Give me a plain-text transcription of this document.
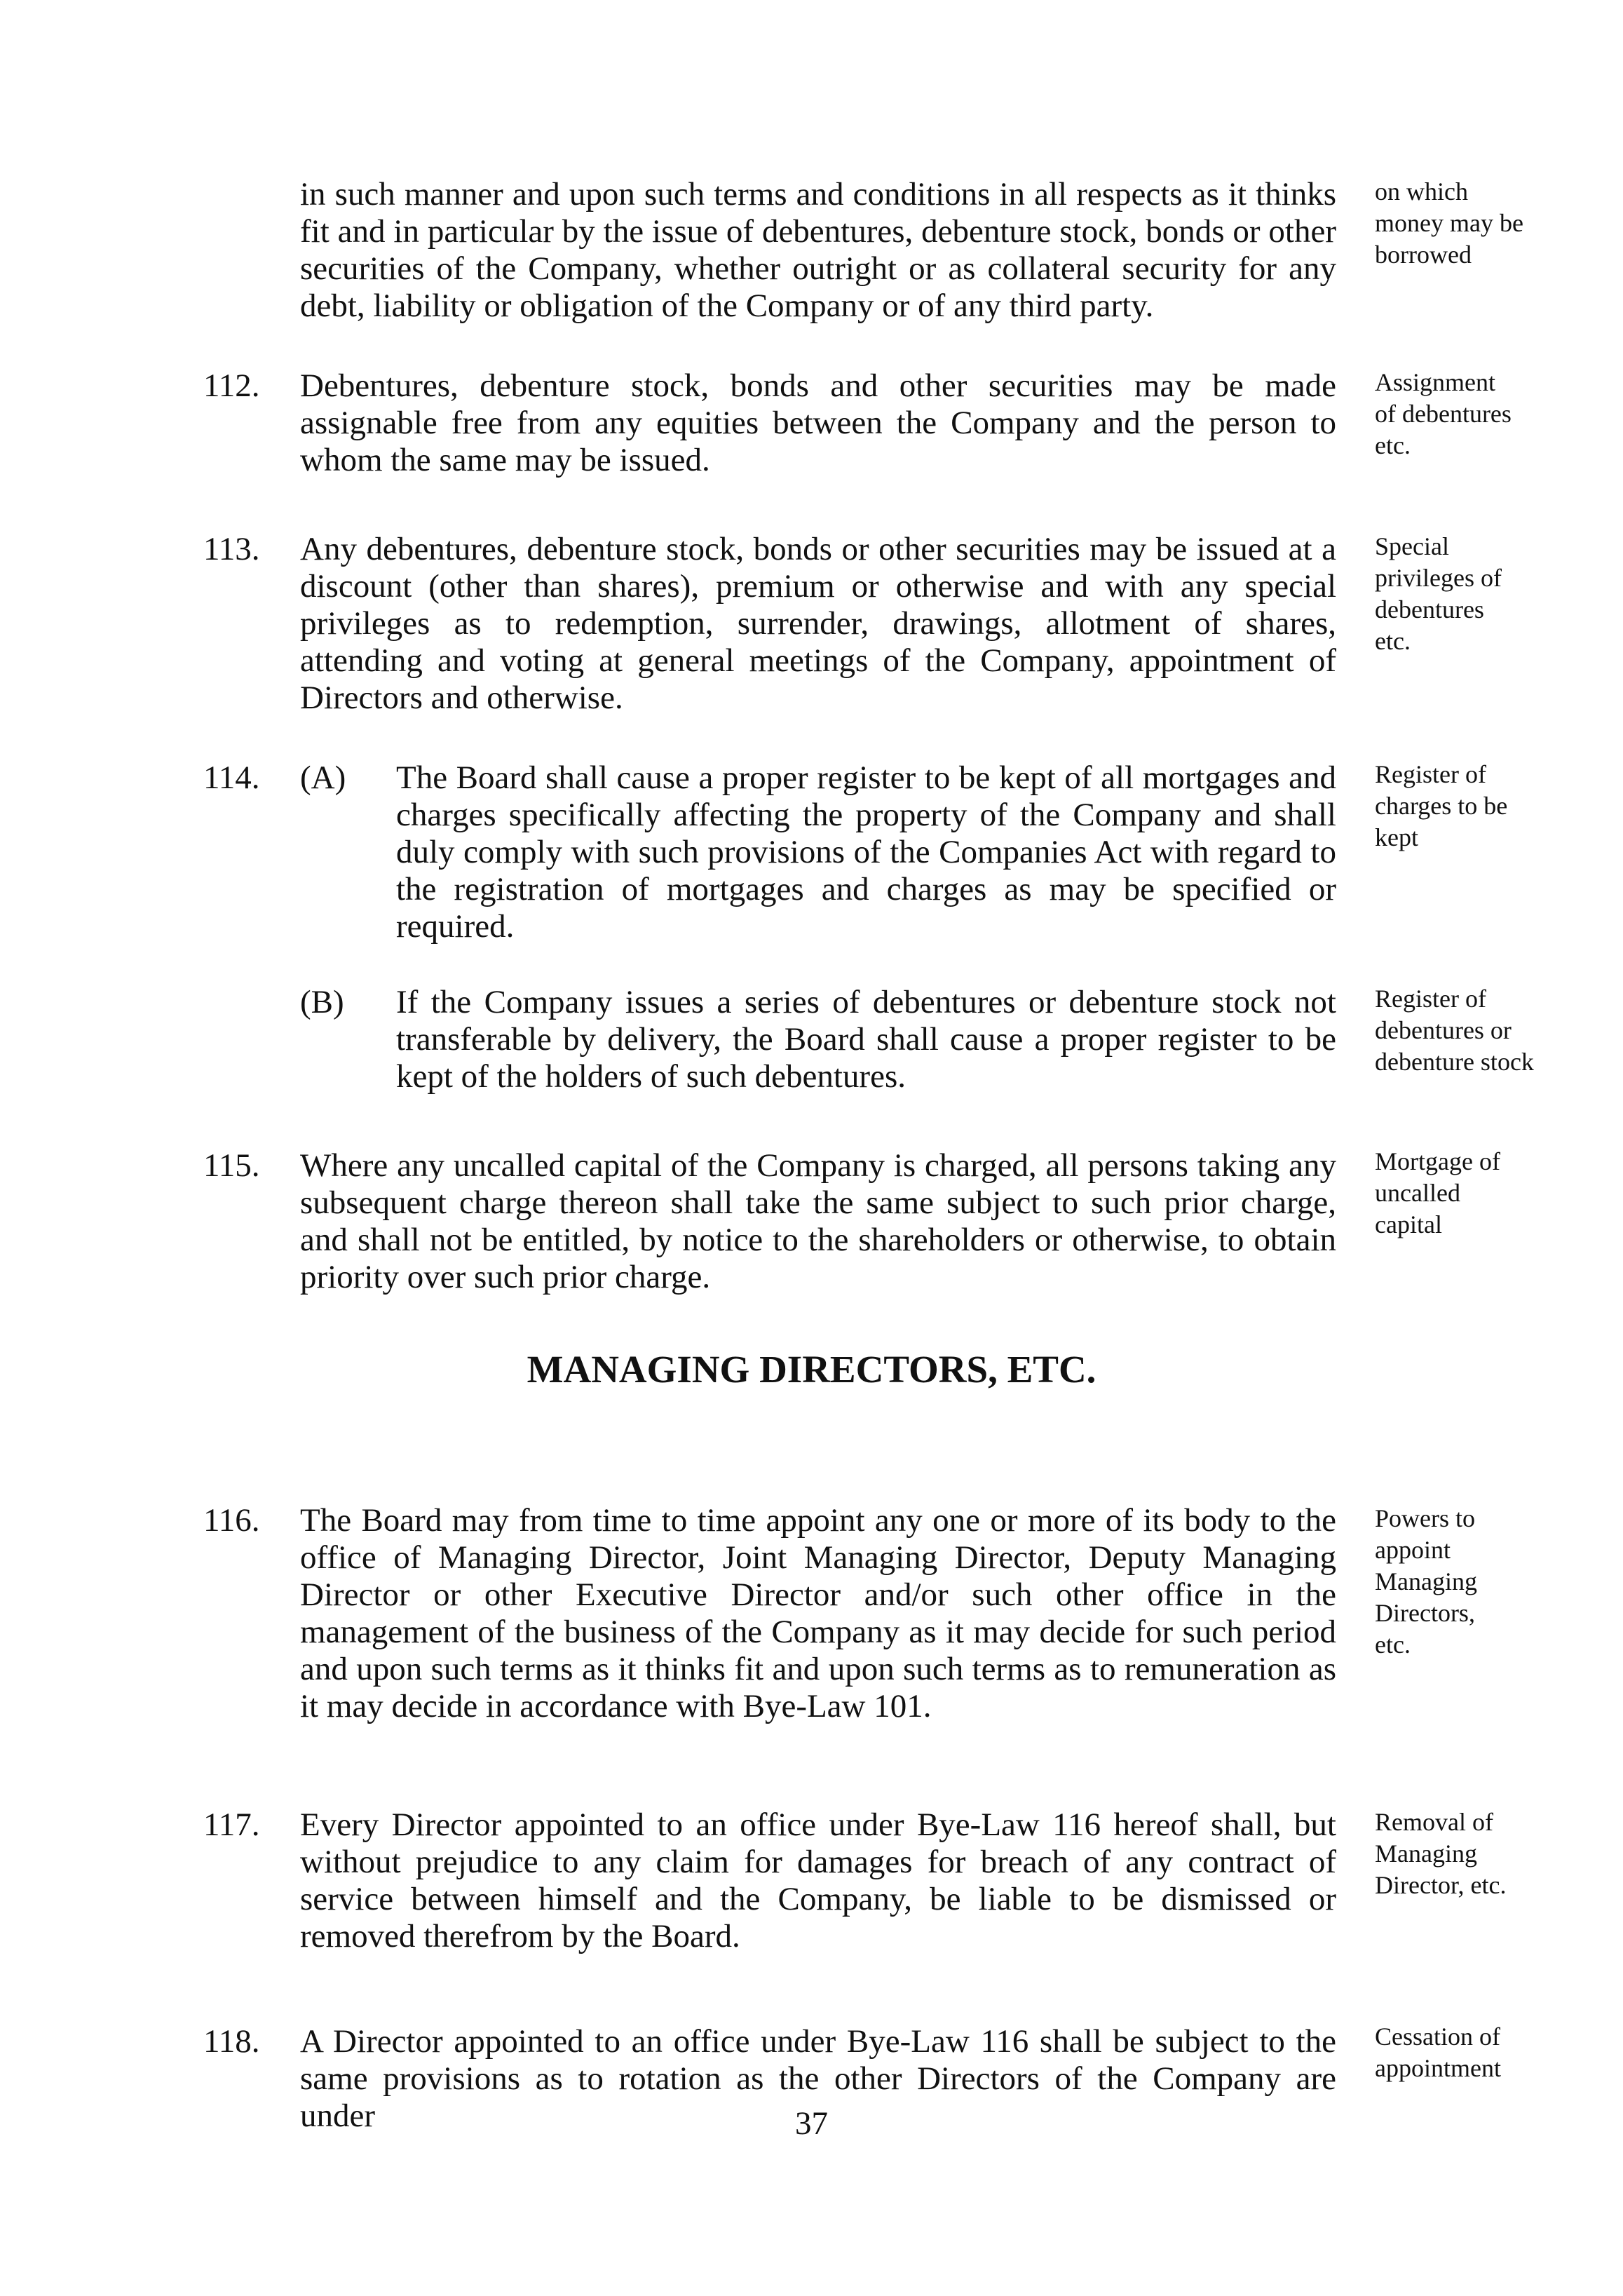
in such manner and upon such terms and conditions in all respects as it thinks fit and in particular by the issue of debentures, debenture stock, bonds or other securities of the Company, whether outright or as collateral security for any debt, liability or obligation of the Company or of any third party.
on which money may be borrowed
112. Debentures, debenture stock, bonds and other securities may be made assignable free from any equities between the Company and the person to whom the same may be issued.
Assignment of debentures etc.
113. Any debentures, debenture stock, bonds or other securities may be issued at a discount (other than shares), premium or otherwise and with any special privileges as to redemption, surrender, drawings, allotment of shares, attending and voting at general meetings of the Company, appointment of Directors and otherwise.
Special privileges of debentures etc.
114. (A) The Board shall cause a proper register to be kept of all mortgages and charges specifically affecting the property of the Company and shall duly comply with such provisions of the Companies Act with regard to the registration of mortgages and charges as may be specified or required.
Register of charges to be kept
(B) If the Company issues a series of debentures or debenture stock not transferable by delivery, the Board shall cause a proper register to be kept of the holders of such debentures.
Register of debentures or debenture stock
115. Where any uncalled capital of the Company is charged, all persons taking any subsequent charge thereon shall take the same subject to such prior charge, and shall not be entitled, by notice to the shareholders or otherwise, to obtain priority over such prior charge.
Mortgage of uncalled capital
MANAGING DIRECTORS, ETC.
116. The Board may from time to time appoint any one or more of its body to the office of Managing Director, Joint Managing Director, Deputy Managing Director or other Executive Director and/or such other office in the management of the business of the Company as it may decide for such period and upon such terms as it thinks fit and upon such terms as to remuneration as it may decide in accordance with Bye-Law 101.
Powers to appoint Managing Directors, etc.
117. Every Director appointed to an office under Bye-Law 116 hereof shall, but without prejudice to any claim for damages for breach of any contract of service between himself and the Company, be liable to be dismissed or removed therefrom by the Board.
Removal of Managing Director, etc.
118. A Director appointed to an office under Bye-Law 116 shall be subject to the same provisions as to rotation as the other Directors of the Company are under
Cessation of appointment
37
